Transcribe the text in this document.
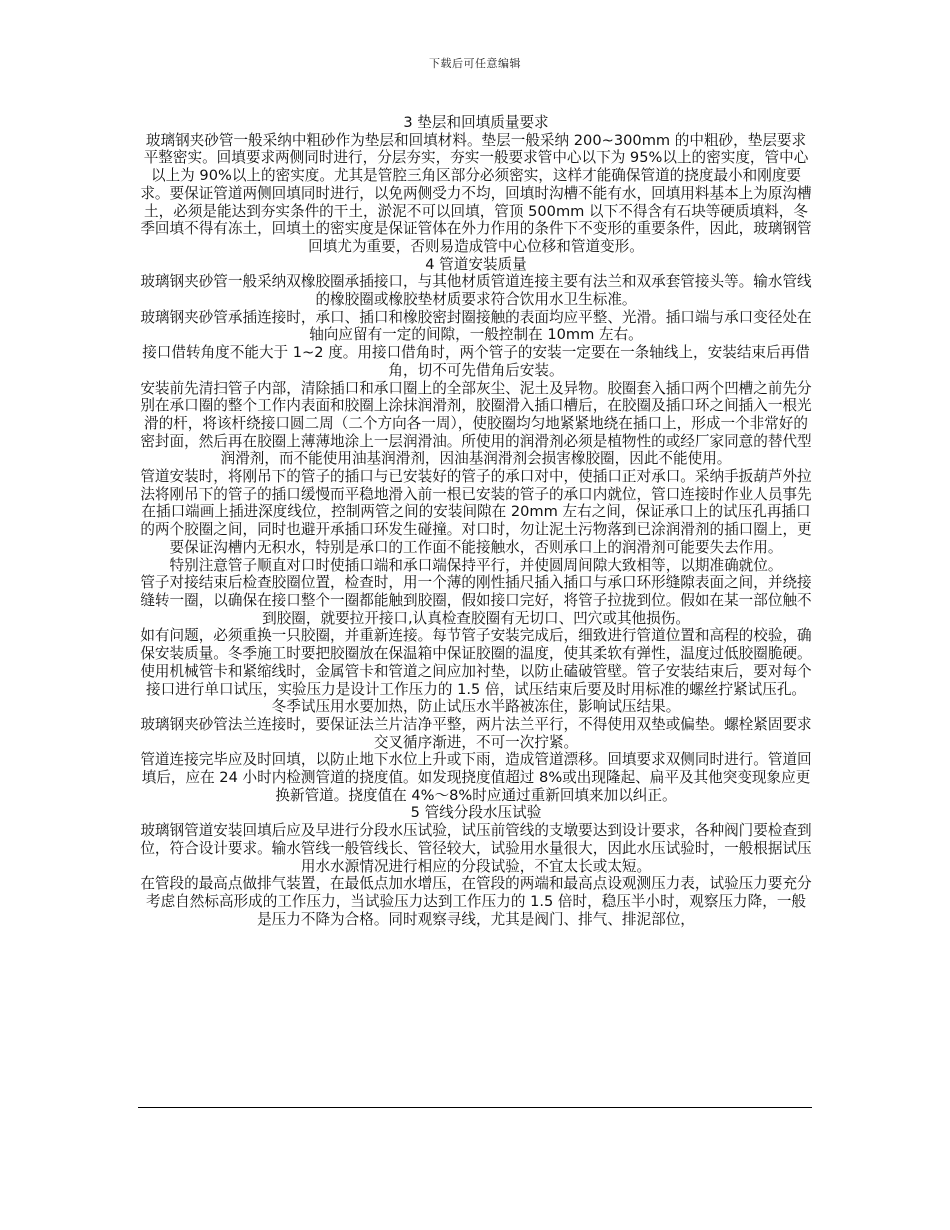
下载后可任意编辑

3 垫层和回填质量要求

玻璃钢夹砂管一般采纳中粗砂作为垫层和回填材料。垫层一般采纳 200~300mm 的中粗砂，垫层要求平整密实。回填要求两侧同时进行，分层夯实，夯实一般要求管中心以下为 95%以上的密实度，管中心以上为 90%以上的密实度。尤其是管腔三角区部分必须密实，这样才能确保管道的挠度最小和刚度要求。要保证管道两侧回填同时进行，以免两侧受力不均，回填时沟槽不能有水，回填用料基本上为原沟槽土，必须是能达到夯实条件的干土，淤泥不可以回填，管顶 500mm 以下不得含有石块等硬质填料，冬季回填不得有冻土，回填土的密实度是保证管体在外力作用的条件下不变形的重要条件，因此，玻璃钢管回填尤为重要，否则易造成管中心位移和管道变形。

4 管道安装质量

玻璃钢夹砂管一般采纳双橡胶圈承插接口，与其他材质管道连接主要有法兰和双承套管接头等。输水管线的橡胶圈或橡胶垫材质要求符合饮用水卫生标准。

玻璃钢夹砂管承插连接时，承口、插口和橡胶密封圈接触的表面均应平整、光滑。插口端与承口变径处在轴向应留有一定的间隙，一般控制在 10mm 左右。

接口借转角度不能大于 1~2 度。用接口借角时，两个管子的安装一定要在一条轴线上，安装结束后再借角，切不可先借角后安装。

安装前先清扫管子内部，清除插口和承口圈上的全部灰尘、泥土及异物。胶圈套入插口两个凹槽之前先分别在承口圈的整个工作内表面和胶圈上涂抹润滑剂，胶圈滑入插口槽后，在胶圈及插口环之间插入一根光滑的杆，将该杆绕接口圆二周（二个方向各一周），使胶圈均匀地紧紧地绕在插口上，形成一个非常好的密封面，然后再在胶圈上薄薄地涂上一层润滑油。所使用的润滑剂必须是植物性的或经厂家同意的替代型润滑剂，而不能使用油基润滑剂，因油基润滑剂会损害橡胶圈，因此不能使用。

管道安装时，将刚吊下的管子的插口与已安装好的管子的承口对中，使插口正对承口。采纳手扳葫芦外拉法将刚吊下的管子的插口缓慢而平稳地滑入前一根已安装的管子的承口内就位，管口连接时作业人员事先在插口端画上插进深度线位，控制两管之间的安装间隙在 20mm 左右之间，保证承口上的试压孔再插口的两个胶圈之间，同时也避开承插口环发生碰撞。对口时，勿让泥土污物落到已涂润滑剂的插口圈上，更要保证沟槽内无积水，特别是承口的工作面不能接触水，否则承口上的润滑剂可能要失去作用。

特别注意管子顺直对口时使插口端和承口端保持平行，并使圆周间隙大致相等，以期准确就位。

管子对接结束后检查胶圈位置，检查时，用一个薄的刚性插尺插入插口与承口环形缝隙表面之间，并绕接缝转一圈，以确保在接口整个一圈都能触到胶圈，假如接口完好，将管子拉拢到位。假如在某一部位触不到胶圈，就要拉开接口,认真检查胶圈有无切口、凹穴或其他损伤。

如有问题，必须重换一只胶圈，并重新连接。每节管子安装完成后，细致进行管道位置和高程的校验，确保安装质量。冬季施工时要把胶圈放在保温箱中保证胶圈的温度，使其柔软有弹性，温度过低胶圈脆硬。使用机械管卡和紧缩线时，金属管卡和管道之间应加衬垫，以防止磕破管壁。管子安装结束后，要对每个接口进行单口试压，实验压力是设计工作压力的 1.5 倍，试压结束后要及时用标准的螺丝拧紧试压孔。冬季试压用水要加热，防止试压水半路被冻住，影响试压结果。

玻璃钢夹砂管法兰连接时，要保证法兰片洁净平整，两片法兰平行，不得使用双垫或偏垫。螺栓紧固要求交叉循序渐进，不可一次拧紧。

管道连接完毕应及时回填，以防止地下水位上升或下雨，造成管道漂移。回填要求双侧同时进行。管道回填后，应在 24 小时内检测管道的挠度值。如发现挠度值超过 8%或出现隆起、扁平及其他突变现象应更换新管道。挠度值在 4%～8%时应通过重新回填来加以纠正。

5 管线分段水压试验

玻璃钢管道安装回填后应及早进行分段水压试验，试压前管线的支墩要达到设计要求，各种阀门要检查到位，符合设计要求。输水管线一般管线长、管径较大，试验用水量很大，因此水压试验时，一般根据试压用水水源情况进行相应的分段试验，不宜太长或太短。

在管段的最高点做排气装置，在最低点加水增压，在管段的两端和最高点设观测压力表，试验压力要充分考虑自然标高形成的工作压力，当试验压力达到工作压力的 1.5 倍时，稳压半小时，观察压力降，一般是压力不降为合格。同时观察寻线，尤其是阀门、排气、排泥部位，
